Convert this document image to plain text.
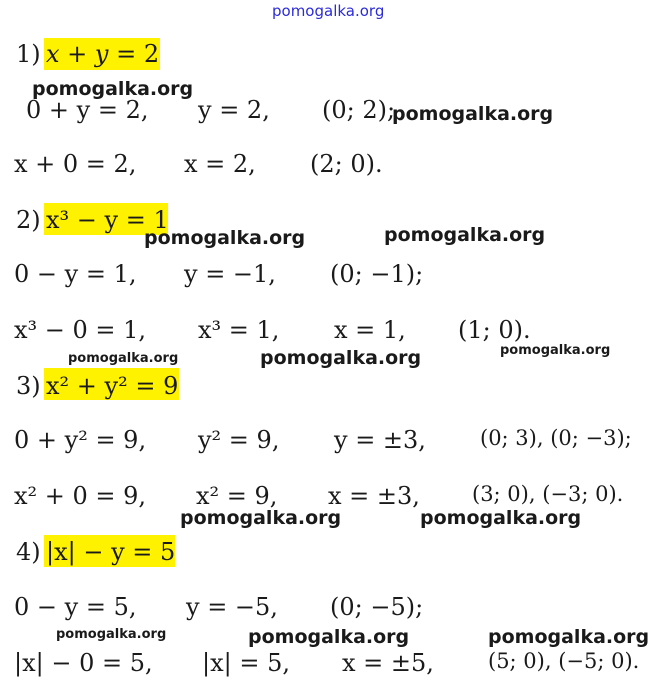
pomogalka.org
1) x + y = 2
pomogalka.org
0 + y = 2, y = 2, (0; 2);
pomogalka.org
x + 0 = 2, x = 2, (2; 0).
2) x³ − y = 1
pomogalka.org	pomogalka.org
0 − y = 1, y = −1, (0; −1);
x³ − 0 = 1, x³ = 1, x = 1, (1; 0).
pomogalka.org	pomogalka.org	pomogalka.org
3) x² + y² = 9
0 + y² = 9, y² = 9, y = ±3,	(0; 3), (0; −3);
x² + 0 = 9, x² = 9, x = ±3, (3; 0), (−3; 0).
pomogalka.org	pomogalka.org
4) |x| − y = 5
0 − y = 5, y = −5, (0; −5);
pomogalka.org	pomogalka.org	pomogalka.org
|x| − 0 = 5, |x| = 5, x = ±5,	(5; 0), (−5; 0).
